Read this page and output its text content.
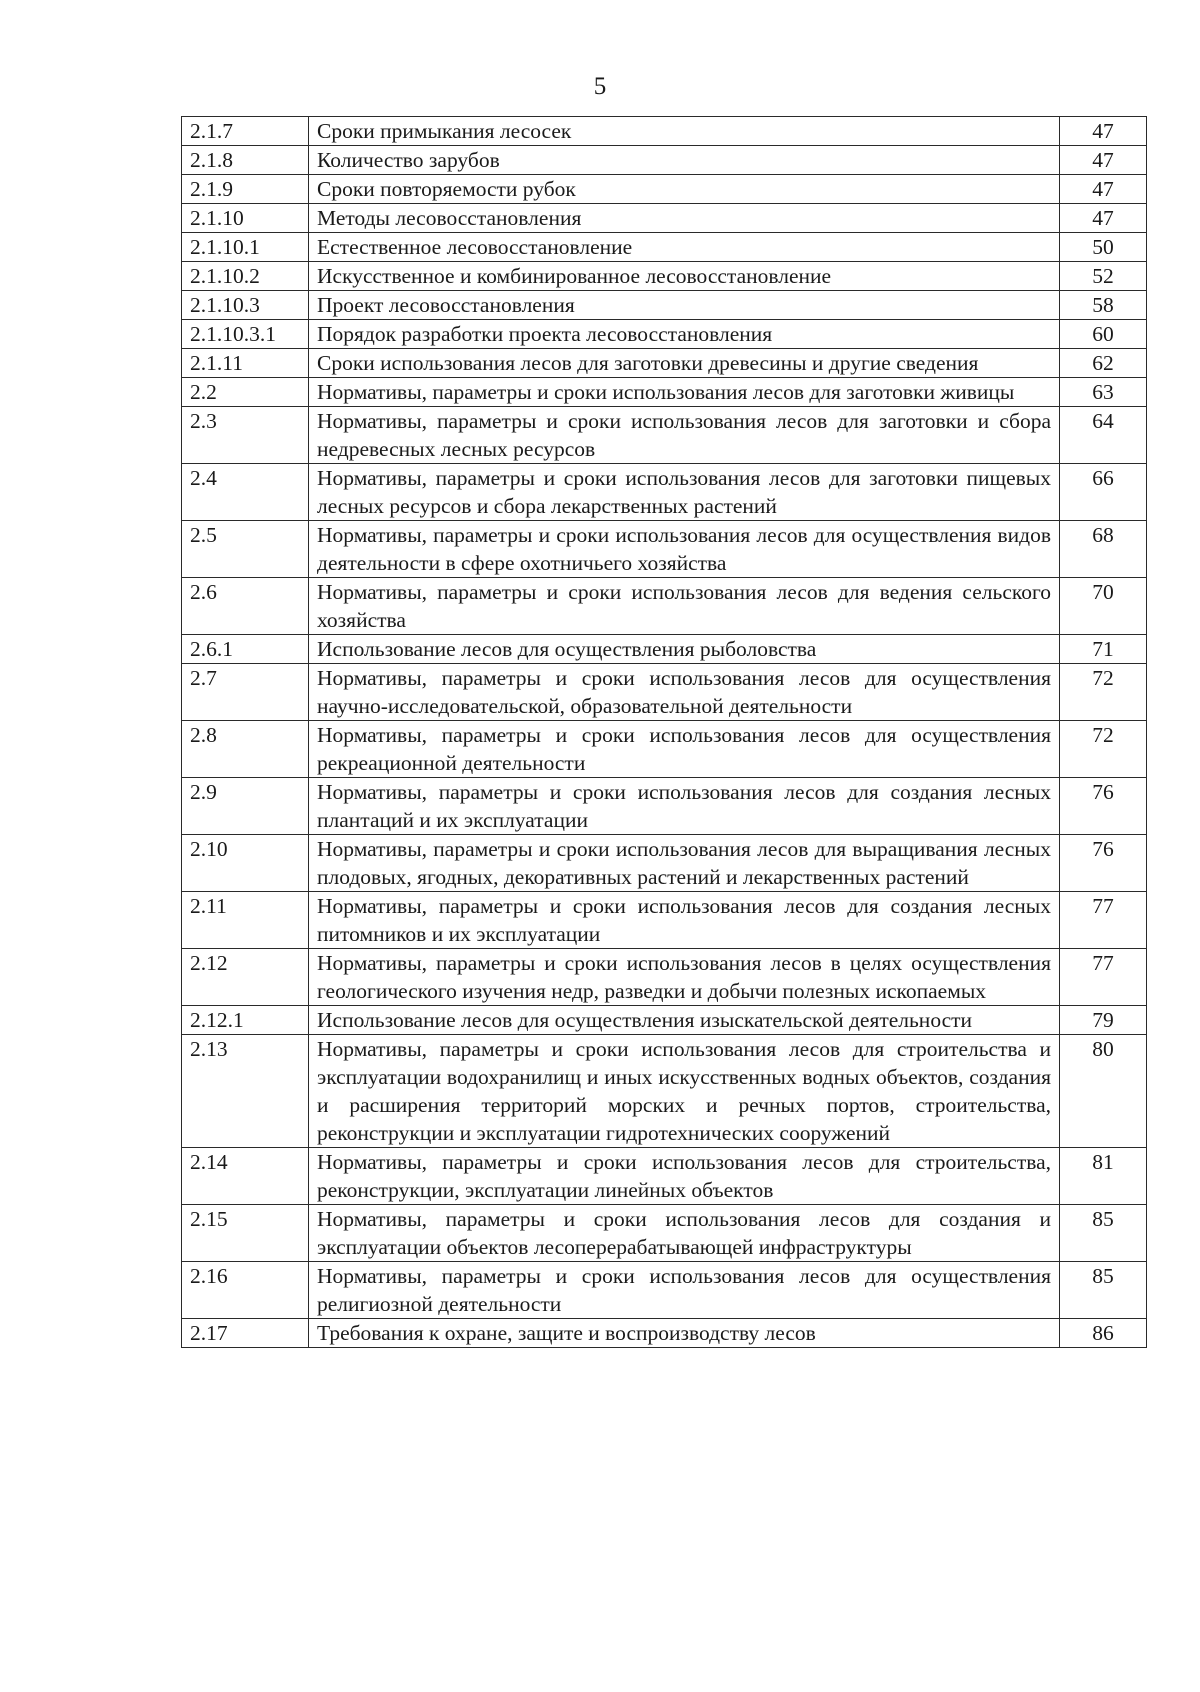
5
2.1.7	Сроки примыкания лесосек	47
2.1.8	Количество зарубов	47
2.1.9	Сроки повторяемости рубок	47
2.1.10	Методы лесовосстановления	47
2.1.10.1	Естественное лесовосстановление	50
2.1.10.2	Искусственное и комбинированное лесовосстановление	52
2.1.10.3	Проект лесовосстановления	58
2.1.10.3.1	Порядок разработки проекта лесовосстановления	60
2.1.11	Сроки использования лесов для заготовки древесины и другие сведения	62
2.2	Нормативы, параметры и сроки использования лесов для заготовки живицы	63
2.3	Нормативы, параметры и сроки использования лесов для заготовки и сбора недревесных лесных ресурсов	64
2.4	Нормативы, параметры и сроки использования лесов для заготовки пищевых лесных ресурсов и сбора лекарственных растений	66
2.5	Нормативы, параметры и сроки использования лесов для осуществления видов деятельности в сфере охотничьего хозяйства	68
2.6	Нормативы, параметры и сроки использования лесов для ведения сельского хозяйства	70
2.6.1	Использование лесов для осуществления рыболовства	71
2.7	Нормативы, параметры и сроки использования лесов для осуществления научно-исследовательской, образовательной деятельности	72
2.8	Нормативы, параметры и сроки использования лесов для осуществления рекреационной деятельности	72
2.9	Нормативы, параметры и сроки использования лесов для создания лесных плантаций и их эксплуатации	76
2.10	Нормативы, параметры и сроки использования лесов для выращивания лесных плодовых, ягодных, декоративных растений и лекарственных растений	76
2.11	Нормативы, параметры и сроки использования лесов для создания лесных питомников и их эксплуатации	77
2.12	Нормативы, параметры и сроки использования лесов в целях осуществления геологического изучения недр, разведки и добычи полезных ископаемых	77
2.12.1	Использование лесов для осуществления изыскательской деятельности	79
2.13	Нормативы, параметры и сроки использования лесов для строительства и эксплуатации водохранилищ и иных искусственных водных объектов, создания и расширения территорий морских и речных портов, строительства, реконструкции и эксплуатации гидротехнических сооружений	80
2.14	Нормативы, параметры и сроки использования лесов для строительства, реконструкции, эксплуатации линейных объектов	81
2.15	Нормативы, параметры и сроки использования лесов для создания и эксплуатации объектов лесоперерабатывающей инфраструктуры	85
2.16	Нормативы, параметры и сроки использования лесов для осуществления религиозной деятельности	85
2.17	Требования к охране, защите и воспроизводству лесов	86
